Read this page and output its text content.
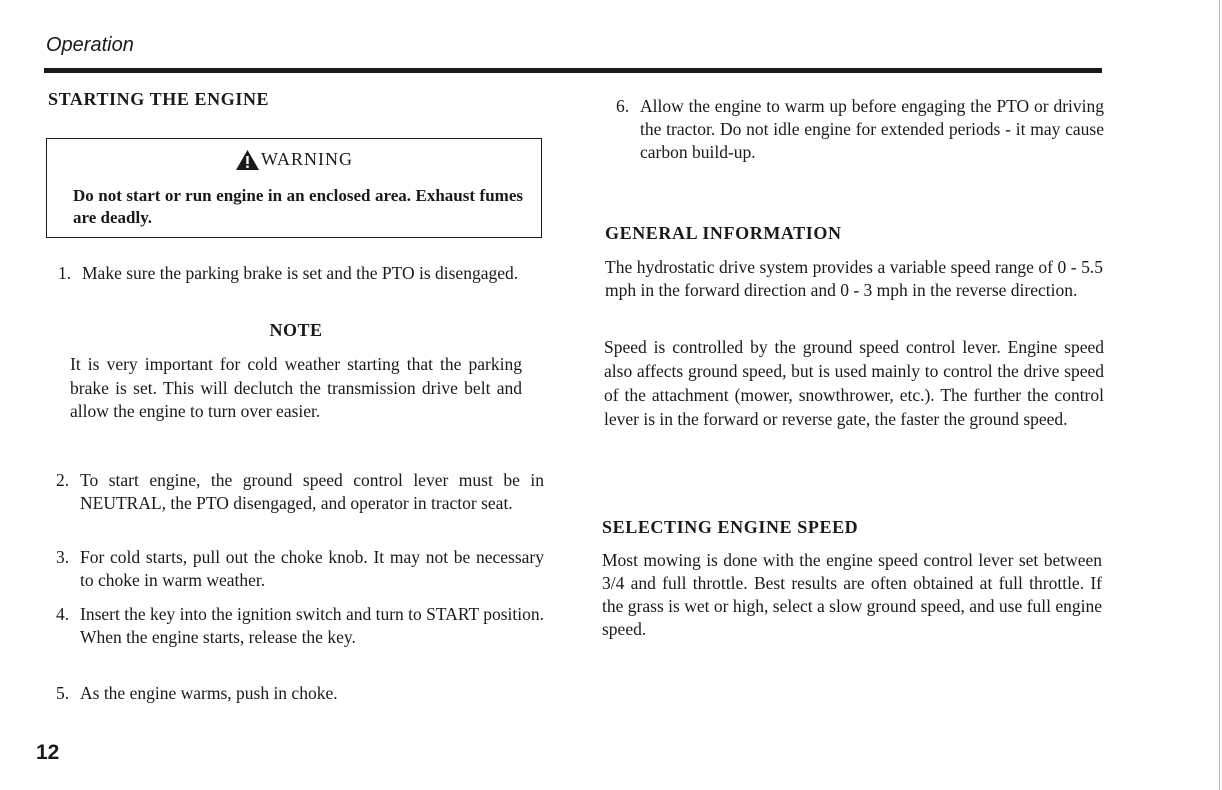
Operation
STARTING THE ENGINE
WARNING
Do not start or run engine in an enclosed area. Exhaust fumes are deadly.
1. Make sure the parking brake is set and the PTO is disengaged.
NOTE
It is very important for cold weather starting that the parking brake is set. This will declutch the transmission drive belt and allow the engine to turn over easier.
2. To start engine, the ground speed control lever must be in NEUTRAL, the PTO disengaged, and operator in tractor seat.
3. For cold starts, pull out the choke knob. It may not be necessary to choke in warm weather.
4. Insert the key into the ignition switch and turn to START position. When the engine starts, release the key.
5. As the engine warms, push in choke.
6. Allow the engine to warm up before engaging the PTO or driving the tractor. Do not idle engine for extended periods - it may cause carbon build-up.
GENERAL INFORMATION

The hydrostatic drive system provides a variable speed range of 0 - 5.5 mph in the forward direction and 0 - 3 mph in the reverse direction.

Speed is controlled by the ground speed control lever. Engine speed also affects ground speed, but is used mainly to control the drive speed of the attachment (mower, snowthrower, etc.). The further the control lever is in the forward or reverse gate, the faster the ground speed.

SELECTING ENGINE SPEED

Most mowing is done with the engine speed control lever set between 3/4 and full throttle. Best results are often obtained at full throttle. If the grass is wet or high, select a slow ground speed, and use full engine speed.

12
